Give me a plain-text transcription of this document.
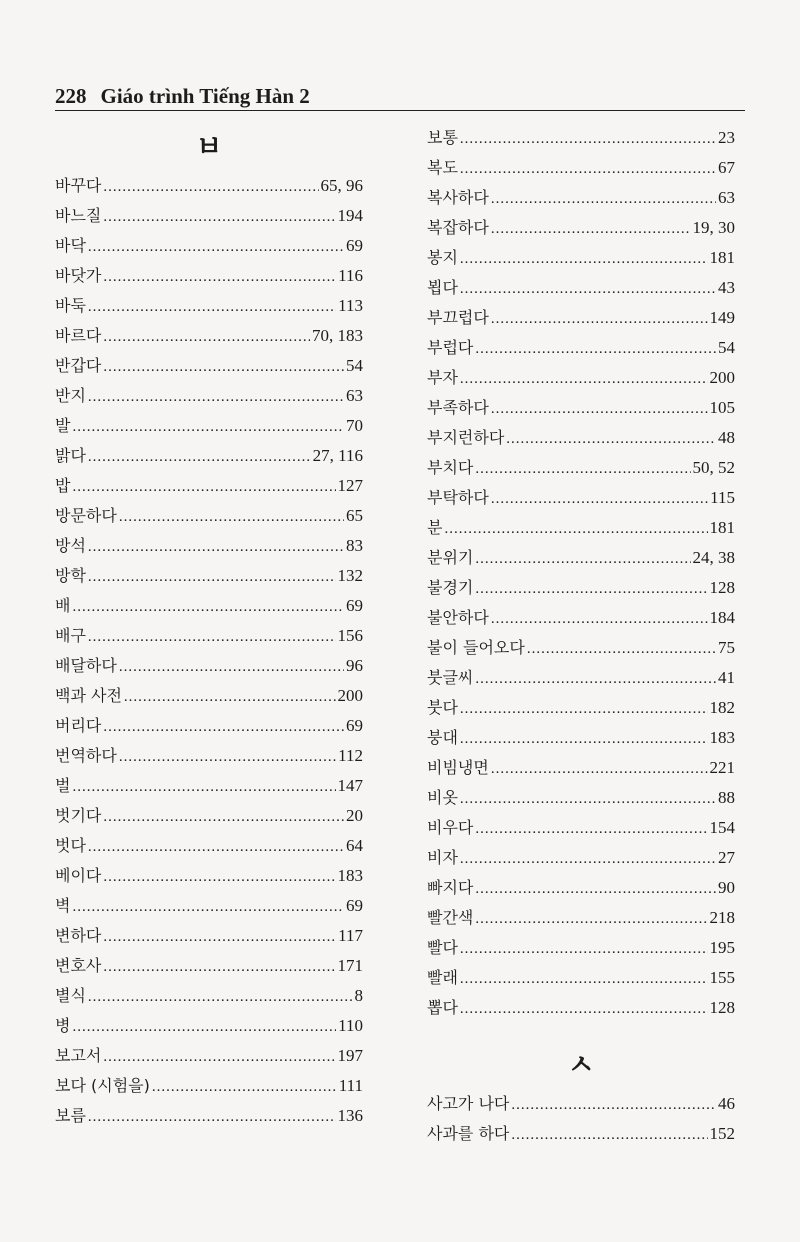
228 Giáo trình Tiếng Hàn 2
ㅂ
바꾸다 .....	65, 96
바느질 .....	194
바닥 .....	69
바닷가 .....	116
바둑 .....	113
바르다 .....	70, 183
반갑다 .....	54
반지 .....	63
발 .....	70
밝다 .....	27, 116
밥 .....	127
방문하다 .....	65
방석 .....	83
방학 .....	132
배 .....	69
배구 .....	156
배달하다 .....	96
백과 사전 .....	200
버리다 .....	69
번역하다 .....	112
벌 .....	147
벗기다 .....	20
벗다 .....	64
베이다 .....	183
벽 .....	69
변하다 .....	117
변호사 .....	171
별식 .....	8
병 .....	110
보고서 .....	197
보다 (시험을) .....	111
보름 .....	136
보통 .....	23
복도 .....	67
복사하다 .....	63
복잡하다 .....	19, 30
봉지 .....	181
뵙다 .....	43
부끄럽다 .....	149
부럽다 .....	54
부자 .....	200
부족하다 .....	105
부지런하다 .....	48
부치다 .....	50, 52
부탁하다 .....	115
분 .....	181
분위기 .....	24, 38
불경기 .....	128
불안하다 .....	184
불이 들어오다 .....	75
붓글씨 .....	41
붓다 .....	182
붕대 .....	183
비빔냉면 .....	221
비옷 .....	88
비우다 .....	154
비자 .....	27
빠지다 .....	90
빨간색 .....	218
빨다 .....	195
빨래 .....	155
뽑다 .....	128
ㅅ
사고가 나다 .....	46
사과를 하다 .....	152
